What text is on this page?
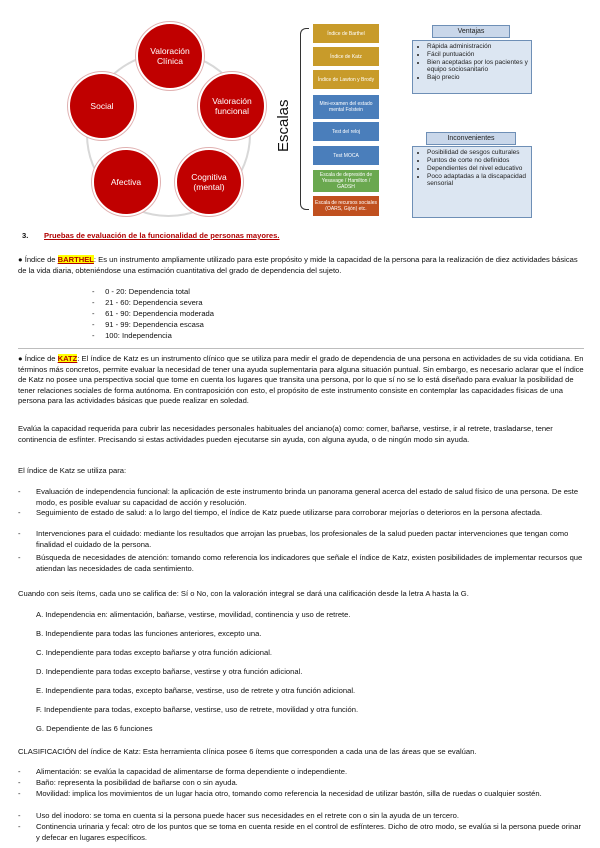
Valoración Clínica
Valoración funcional
Cognitiva (mental)
Afectiva
Social	Escalas
Índice de Barthel
Índice de Katz
Índice de Lawton y Brody
Mini-examen del estado mental Folstein
Test del reloj
Test MOCA
Escala de depresión de Yesavage / Hamilton / GADSH
Escala de recursos sociales (OARS, Gijón) etc.
Ventajas
• Rápida administración
• Fácil puntuación
• Bien aceptadas por los pacientes y equipo sociosanitario
• Bajo precio
Inconvenientes
• Posibilidad de sesgos culturales
• Puntos de corte no definidos
• Dependientes del nivel educativo
• Poco adaptadas a la discapacidad sensorial
3. Pruebas de evaluación de la funcionalidad de personas mayores.
● Índice de BARTHEL: Es un instrumento ampliamente utilizado para este propósito y mide la capacidad de la persona para la realización de diez actividades básicas de la vida diaria, obteniéndose una estimación cuantitativa del grado de dependencia del sujeto.
-     0 - 20: Dependencia total
-     21 - 60: Dependencia severa
-     61 - 90: Dependencia moderada
-     91 - 99: Dependencia escasa
-     100: Independencia
● Índice de KATZ: El índice de Katz es un instrumento clínico que se utiliza para medir el grado de dependencia de una persona en actividades de su vida cotidiana. En términos más concretos, permite evaluar la necesidad de tener una ayuda suplementaria para alguna situación puntual. Sin embargo, es necesario aclarar que el índice de Katz no posee una perspectiva social que tome en cuenta los lugares que transita una persona, por lo que sí no se lo está diseñado para evaluar la posibilidad de tener relaciones sociales de forma autónoma. En contraposición con esto, el propósito de este instrumento consiste en contemplar las capacidades físicas de una persona para las actividades básicas que puede realizar en soledad.
Evalúa la capacidad requerida para cubrir las necesidades personales habituales del anciano(a) como: comer, bañarse, vestirse, ir al retrete, trasladarse, tener continencia de esfínter. Precisando si estas actividades pueden ejecutarse sin ayuda, con alguna ayuda, o de ningún modo sin ayuda.
El índice de Katz se utiliza para:
- Evaluación de independencia funcional: la aplicación de este instrumento brinda un panorama general acerca del estado de salud físico de una persona. De este modo, es posible evaluar su capacidad de acción y resolución.
- Seguimiento de estado de salud: a lo largo del tiempo, el índice de Katz puede utilizarse para corroborar mejorías o deterioros en la persona afectada.
- Intervenciones para el cuidado: mediante los resultados que arrojan las pruebas, los profesionales de la salud pueden pactar intervenciones que tengan como finalidad el cuidado de la persona.
- Búsqueda de necesidades de atención: tomando como referencia los indicadores que señale el índice de Katz, existen posibilidades de implementar recursos que atiendan las necesidades de cada sentimiento.
Cuando con seis ítems, cada uno se califica de: Sí o No, con la valoración integral se dará una calificación desde la letra A hasta la G.
A. Independencia en: alimentación, bañarse, vestirse, movilidad, continencia y uso de retrete.
B. Independiente para todas las funciones anteriores, excepto una.
C. Independiente para todas excepto bañarse y otra función adicional.
D. Independiente para todas excepto bañarse, vestirse y otra función adicional.
E. Independiente para todas, excepto bañarse, vestirse, uso de retrete y otra función adicional.
F. Independiente para todas, excepto bañarse, vestirse, uso de retrete, movilidad y otra función.
G. Dependiente de las 6 funciones
CLASIFICACIÓN del índice de Katz: Esta herramienta clínica posee 6 ítems que corresponden a cada una de las áreas que se evalúan.
- Alimentación: se evalúa la capacidad de alimentarse de forma dependiente o independiente.
- Baño: representa la posibilidad de bañarse con o sin ayuda.
- Movilidad: implica los movimientos de un lugar hacia otro, tomando como referencia la necesidad de utilizar bastón, silla de ruedas o cualquier sostén.
- Uso del inodoro: se toma en cuenta si la persona puede hacer sus necesidades en el retrete con o sin la ayuda de un tercero.
- Continencia urinaria y fecal: otro de los puntos que se toma en cuenta reside en el control de esfínteres. Dicho de otro modo, se evalúa si la persona puede orinar y defecar en lugares específicos.
